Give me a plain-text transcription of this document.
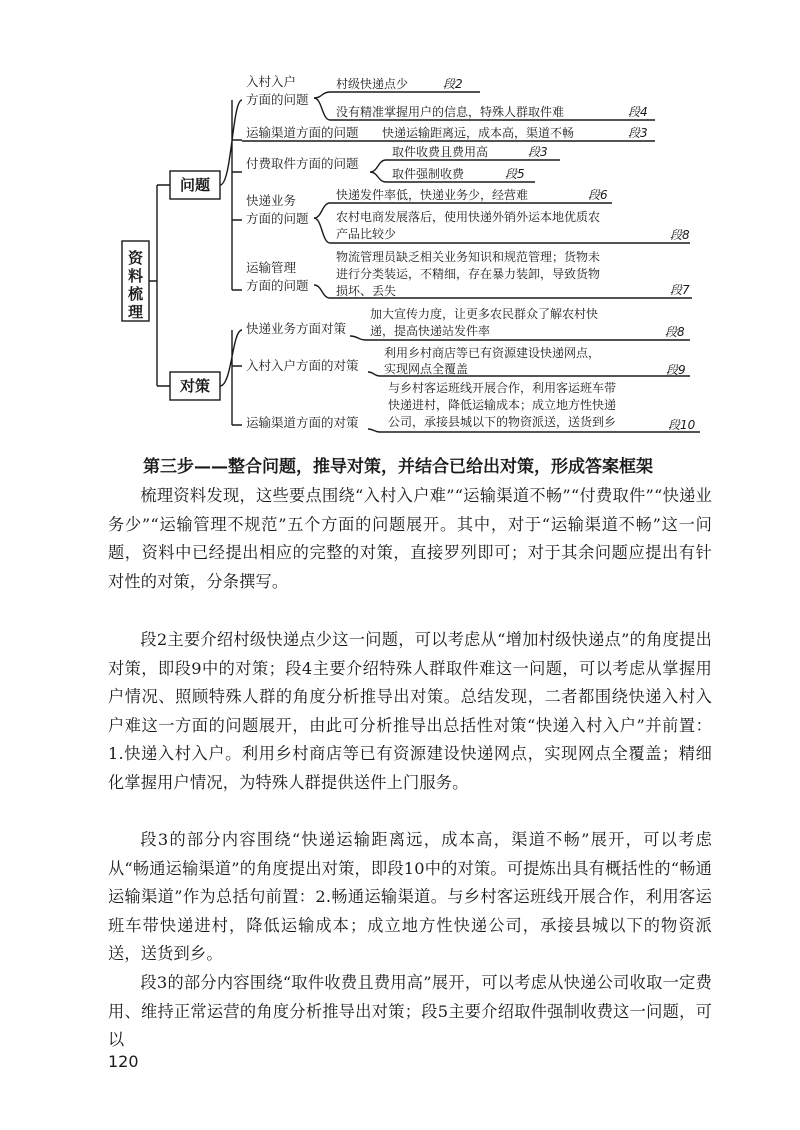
资料梳理
问题
对策
入村入户
方面的问题
村级快递点少	段2
没有精准掌握用户的信息，特殊人群取件难	段4
运输渠道方面的问题 快递运输距离远，成本高，渠道不畅	段3
付费取件方面的问题
取件收费且费用高	段3
取件强制收费	段5
快递业务
方面的问题
快递发件率低，快递业务少，经营难	段6
农村电商发展落后，使用快递外销外运本地优质农
产品比较少	段8
运输管理
方面的问题
物流管理员缺乏相关业务知识和规范管理；货物未
进行分类装运，不精细，存在暴力装卸，导致货物
损坏、丢失	段7
快递业务方面对策
加大宣传力度，让更多农民群众了解农村快
递，提高快递站发件率	段8
入村入户方面的对策
利用乡村商店等已有资源建设快递网点，
实现网点全覆盖	段9
运输渠道方面的对策
与乡村客运班线开展合作，利用客运班车带
快递进村，降低运输成本；成立地方性快递
公司，承接县城以下的物资派送，送货到乡	段10
第三步——整合问题，推导对策，并结合已给出对策，形成答案框架

梳理资料发现，这些要点围绕“入村入户难”“运输渠道不畅”“付费取件”“快递业务少”“运输管理不规范”五个方面的问题展开。其中，对于“运输渠道不畅”这一问题，资料中已经提出相应的完整的对策，直接罗列即可；对于其余问题应提出有针对性的对策，分条撰写。

段2主要介绍村级快递点少这一问题，可以考虑从“增加村级快递点”的角度提出对策，即段9中的对策；段4主要介绍特殊人群取件难这一问题，可以考虑从掌握用户情况、照顾特殊人群的角度分析推导出对策。总结发现，二者都围绕快递入村入户难这一方面的问题展开，由此可分析推导出总括性对策“快递入村入户”并前置：1.快递入村入户。利用乡村商店等已有资源建设快递网点，实现网点全覆盖；精细化掌握用户情况，为特殊人群提供送件上门服务。

段3的部分内容围绕“快递运输距离远，成本高，渠道不畅”展开，可以考虑从“畅通运输渠道”的角度提出对策，即段10中的对策。可提炼出具有概括性的“畅通运输渠道”作为总括句前置：2.畅通运输渠道。与乡村客运班线开展合作，利用客运班车带快递进村，降低运输成本；成立地方性快递公司，承接县城以下的物资派送，送货到乡。

段3的部分内容围绕“取件收费且费用高”展开，可以考虑从快递公司收取一定费用、维持正常运营的角度分析推导出对策；段5主要介绍取件强制收费这一问题，可以

120
